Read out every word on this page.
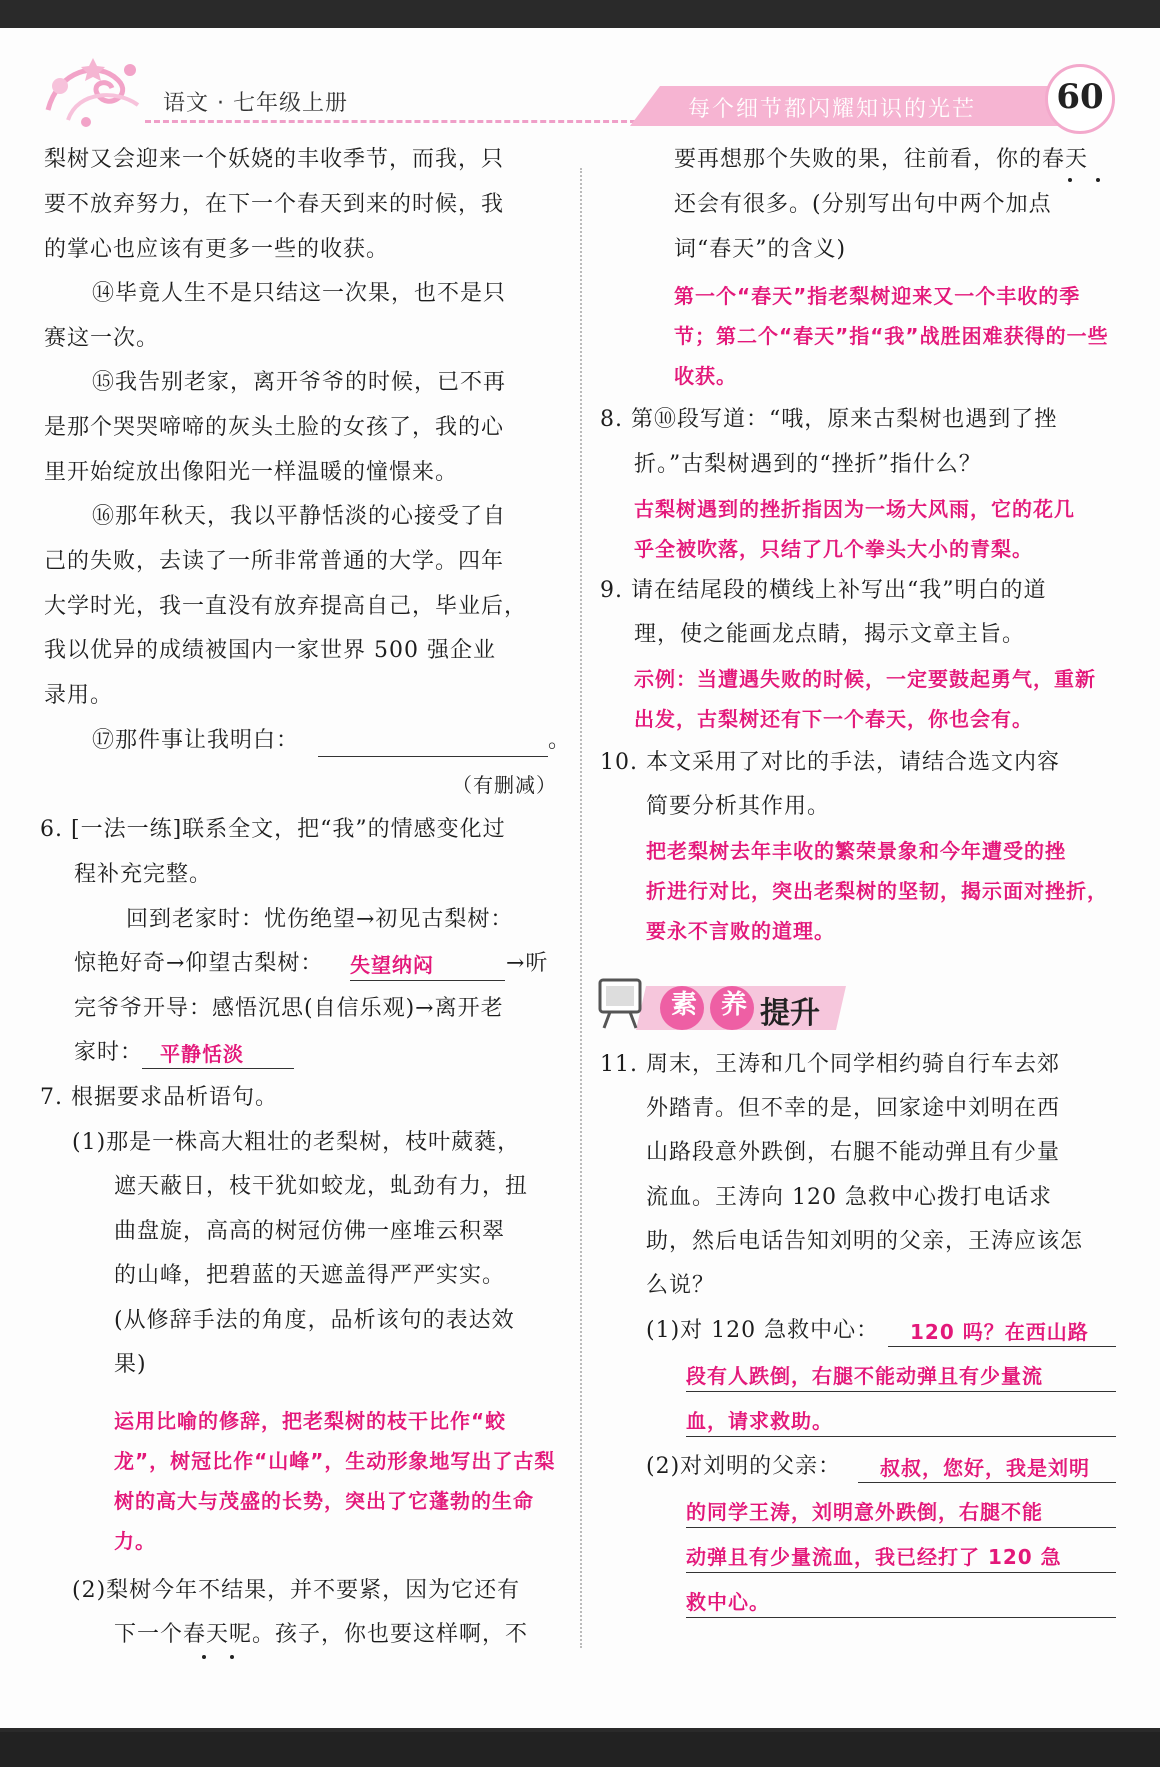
语文 · 七年级上册	每个细节都闪耀知识的光芒 60
梨树又会迎来一个妖娆的丰收季节，而我，只
要不放弃努力，在下一个春天到来的时候，我
的掌心也应该有更多一些的收获。
⑭毕竟人生不是只结这一次果，也不是只
赛这一次。
⑮我告别老家，离开爷爷的时候，已不再
是那个哭哭啼啼的灰头土脸的女孩了，我的心
里开始绽放出像阳光一样温暖的憧憬来。
⑯那年秋天，我以平静恬淡的心接受了自
己的失败，去读了一所非常普通的大学。四年
大学时光，我一直没有放弃提高自己，毕业后，
我以优异的成绩被国内一家世界 500 强企业
录用。
⑰那件事让我明白：	。
（有删减）
6. [一法一练]联系全文，把“我”的情感变化过
程补充完整。
回到老家时：忧伤绝望→初见古梨树：
惊艳好奇→仰望古梨树： 失望纳闷	→听
完爷爷开导：感悟沉思(自信乐观)→离开老
家时： 平静恬淡
7. 根据要求品析语句。
(1)那是一株高大粗壮的老梨树，枝叶葳蕤，
遮天蔽日，枝干犹如蛟龙，虬劲有力，扭
曲盘旋，高高的树冠仿佛一座堆云积翠
的山峰，把碧蓝的天遮盖得严严实实。
(从修辞手法的角度，品析该句的表达效
果)
运用比喻的修辞，把老梨树的枝干比作“蛟
龙”，树冠比作“山峰”，生动形象地写出了古梨
树的高大与茂盛的长势，突出了它蓬勃的生命
力。
(2)梨树今年不结果，并不要紧，因为它还有
下一个春天呢。孩子，你也要这样啊，不
要再想那个失败的果，往前看，你的春天
还会有很多。(分别写出句中两个加点
词“春天”的含义)
第一个“春天”指老梨树迎来又一个丰收的季
节；第二个“春天”指“我”战胜困难获得的一些
收获。
8. 第⑩段写道：“哦，原来古梨树也遇到了挫
折。”古梨树遇到的“挫折”指什么？
古梨树遇到的挫折指因为一场大风雨，它的花几
乎全被吹落，只结了几个拳头大小的青梨。
9. 请在结尾段的横线上补写出“我”明白的道
理，使之能画龙点睛，揭示文章主旨。
示例：当遭遇失败的时候，一定要鼓起勇气，重新
出发，古梨树还有下一个春天，你也会有。
10. 本文采用了对比的手法，请结合选文内容
简要分析其作用。
把老梨树去年丰收的繁荣景象和今年遭受的挫
折进行对比，突出老梨树的坚韧，揭示面对挫折，
要永不言败的道理。
素 养 提升
11. 周末，王涛和几个同学相约骑自行车去郊
外踏青。但不幸的是，回家途中刘明在西
山路段意外跌倒，右腿不能动弹且有少量
流血。王涛向 120 急救中心拨打电话求
助，然后电话告知刘明的父亲，王涛应该怎
么说？
(1)对 120 急救中心： 120 吗？在西山路
段有人跌倒，右腿不能动弹且有少量流
血，请求救助。
(2)对刘明的父亲： 叔叔，您好，我是刘明
的同学王涛，刘明意外跌倒，右腿不能
动弹且有少量流血，我已经打了 120 急
救中心。
